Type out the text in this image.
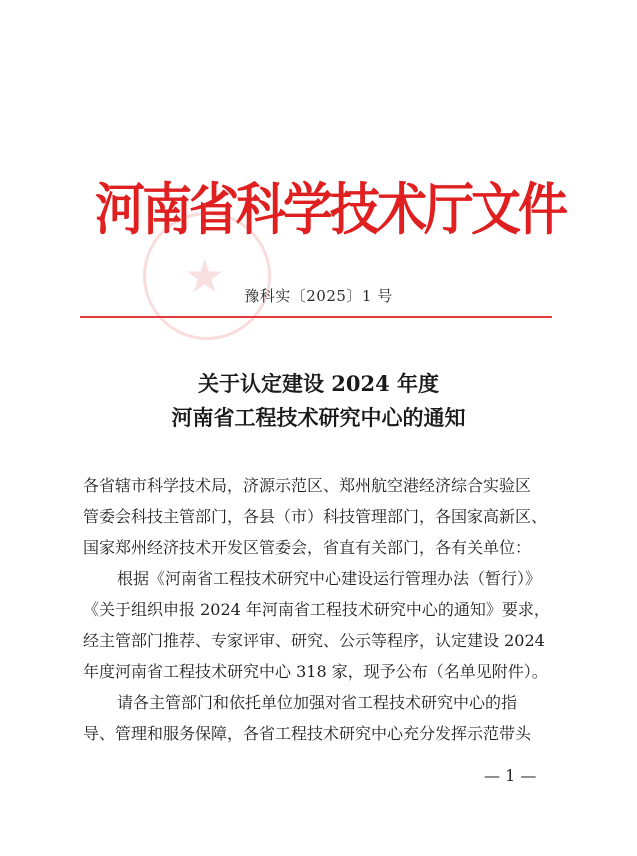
河南省科学技术厅文件
★	豫科实〔2025〕1 号
关于认定建设 2024 年度
河南省工程技术研究中心的通知

各省辖市科学技术局，济源示范区、郑州航空港经济综合实验区

管委会科技主管部门，各县（市）科技管理部门，各国家高新区、

国家郑州经济技术开发区管委会，省直有关部门，各有关单位：

根据《河南省工程技术研究中心建设运行管理办法（暂行）》

《关于组织申报 2024 年河南省工程技术研究中心的通知》要求，

经主管部门推荐、专家评审、研究、公示等程序，认定建设 2024

年度河南省工程技术研究中心 318 家，现予公布（名单见附件）。

请各主管部门和依托单位加强对省工程技术研究中心的指

导、管理和服务保障，各省工程技术研究中心充分发挥示范带头

— 1 —
